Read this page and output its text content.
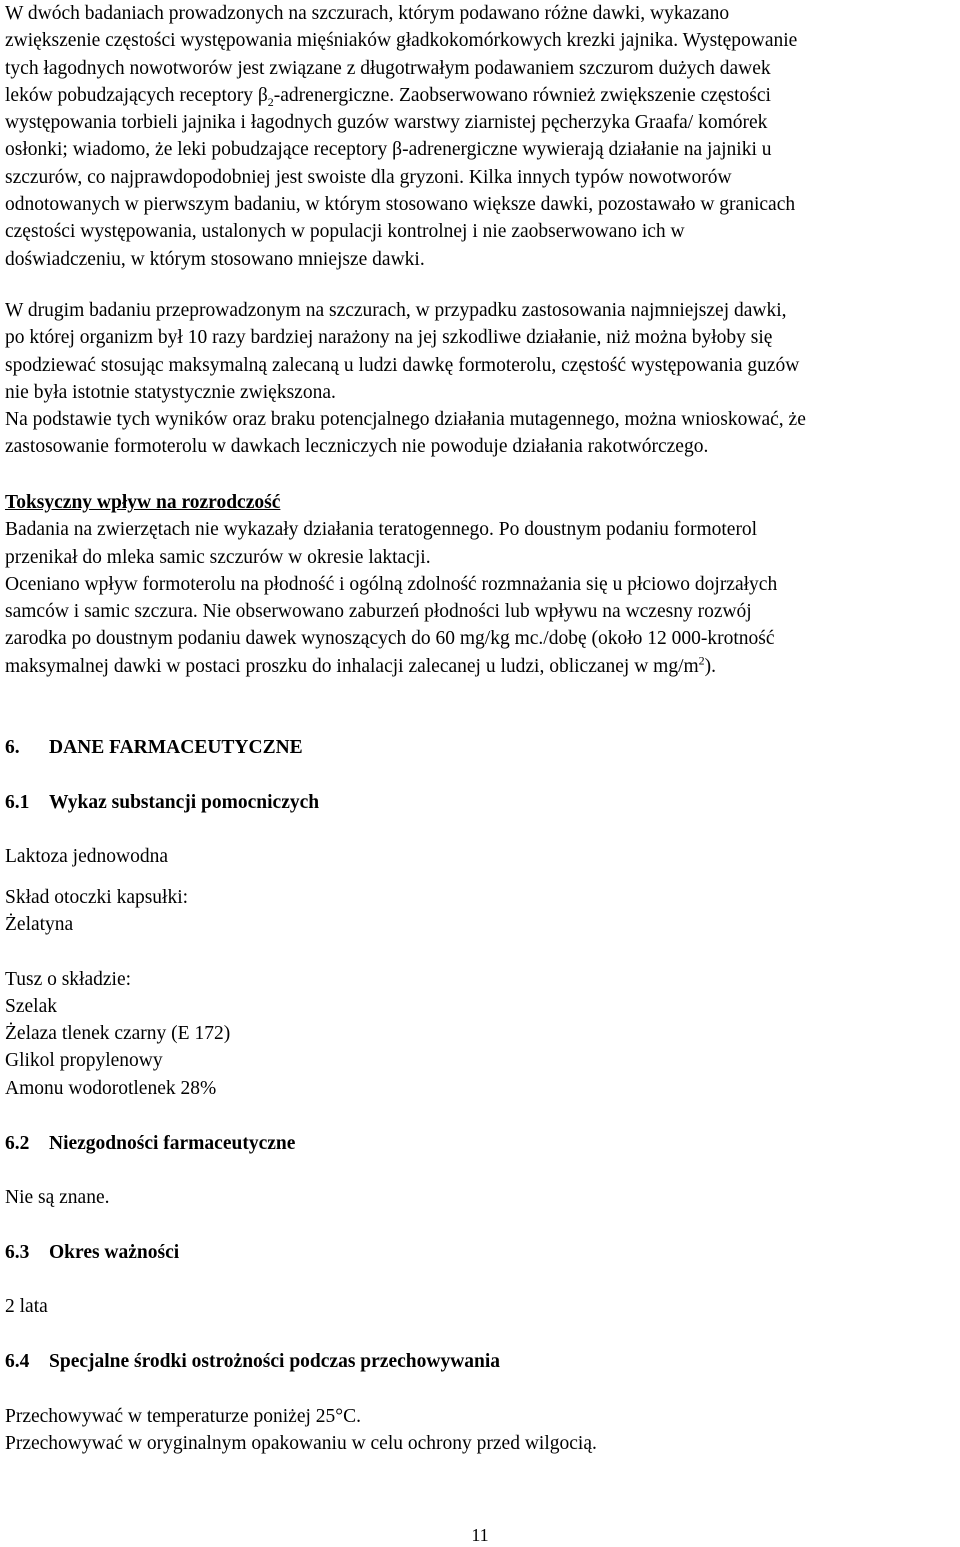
W dwóch badaniach prowadzonych na szczurach, którym podawano różne dawki, wykazano
zwiększenie częstości występowania mięśniaków gładkokomórkowych krezki jajnika. Występowanie
tych łagodnych nowotworów jest związane z długotrwałym podawaniem szczurom dużych dawek
leków pobudzających receptory $\beta_2$-adrenergiczne. Zaobserwowano również zwiększenie częstości
występowania torbieli jajnika i łagodnych guzów warstwy ziarnistej pęcherzyka Graafa/ komórek
osłonki; wiadomo, że leki pobudzające receptory β-adrenergiczne wywierają działanie na jajniki u
szczurów, co najprawdopodobniej jest swoiste dla gryzoni. Kilka innych typów nowotworów
odnotowanych w pierwszym badaniu, w którym stosowano większe dawki, pozostawało w granicach
częstości występowania, ustalonych w populacji kontrolnej i nie zaobserwowano ich w
doświadczeniu, w którym stosowano mniejsze dawki.
W drugim badaniu przeprowadzonym na szczurach, w przypadku zastosowania najmniejszej dawki,
po której organizm był 10 razy bardziej narażony na jej szkodliwe działanie, niż można byłoby się
spodziewać stosując maksymalną zalecaną u ludzi dawkę formoterolu, częstość występowania guzów
nie była istotnie statystycznie zwiększona.
Na podstawie tych wyników oraz braku potencjalnego działania mutagennego, można wnioskować, że
zastosowanie formoterolu w dawkach leczniczych nie powoduje działania rakotwórczego.
Toksyczny wpływ na rozrodczość
Badania na zwierzętach nie wykazały działania teratogennego. Po doustnym podaniu formoterol
przenikał do mleka samic szczurów w okresie laktacji.
Oceniano wpływ formoterolu na płodność i ogólną zdolność rozmnażania się u płciowo dojrzałych
samców i samic szczura. Nie obserwowano zaburzeń płodności lub wpływu na wczesny rozwój
zarodka po doustnym podaniu dawek wynoszących do 60 mg/kg mc./dobę (około 12 000-krotność
maksymalnej dawki w postaci proszku do inhalacji zalecanej u ludzi, obliczanej w $mg/m^2$).
6. DANE FARMACEUTYCZNE
6.1 Wykaz substancji pomocniczych
Laktoza jednowodna
Skład otoczki kapsułki:
Żelatyna
Tusz o składzie:
Szelak
Żelaza tlenek czarny (E 172)
Glikol propylenowy
Amonu wodorotlenek 28%
6.2 Niezgodności farmaceutyczne
Nie są znane.
6.3 Okres ważności
2 lata
6.4 Specjalne środki ostrożności podczas przechowywania
Przechowywać w temperaturze poniżej 25°C.
Przechowywać w oryginalnym opakowaniu w celu ochrony przed wilgocią.
11
